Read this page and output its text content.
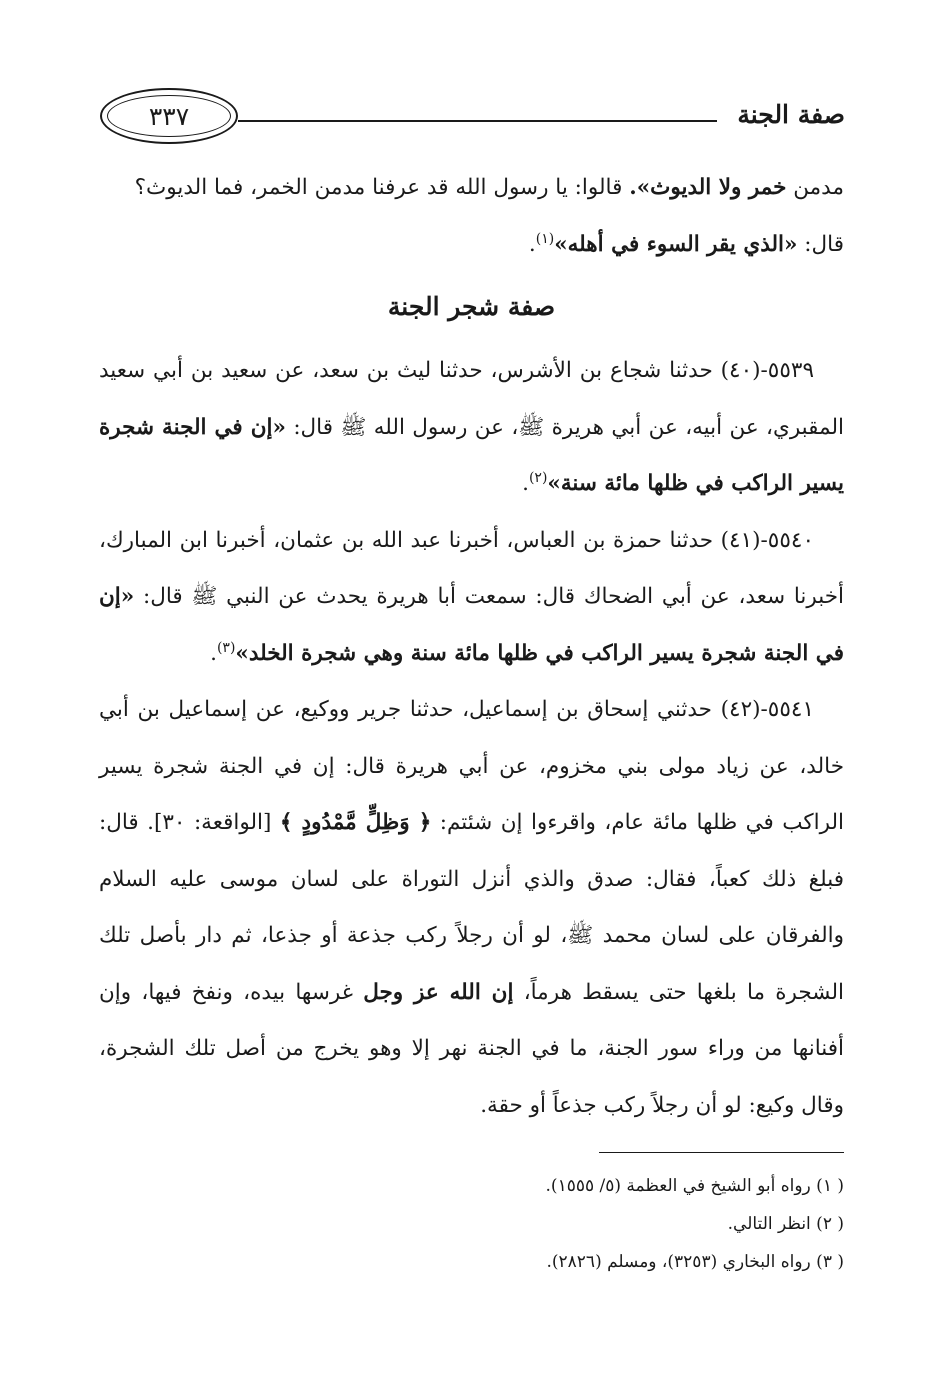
صفة الجنة
٣٣٧

مدمن خمر ولا الديوث». قالوا: يا رسول الله قد عرفنا مدمن الخمر، فما الديوث؟
قال: «الذي يقر السوء في أهله»$^{(١)}$.

صفة شجر الجنة

٥٥٣٩-(٤٠) حدثنا شجاع بن الأشرس، حدثنا ليث بن سعد، عن سعيد بن أبي سعيد المقبري، عن أبيه، عن أبي هريرة ﷺ، عن رسول الله ﷺ قال: «إن في الجنة شجرة يسير الراكب في ظلها مائة سنة»$^{(٢)}$.

٥٥٤٠-(٤١) حدثنا حمزة بن العباس، أخبرنا عبد الله بن عثمان، أخبرنا ابن المبارك، أخبرنا سعد، عن أبي الضحاك قال: سمعت أبا هريرة يحدث عن النبي ﷺ قال: «إن في الجنة شجرة يسير الراكب في ظلها مائة سنة وهي شجرة الخلد»$^{(٣)}$.

٥٥٤١-(٤٢) حدثني إسحاق بن إسماعيل، حدثنا جرير ووكيع، عن إسماعيل بن أبي خالد، عن زياد مولى بني مخزوم، عن أبي هريرة قال: إن في الجنة شجرة يسير الراكب في ظلها مائة عام، واقرءوا إن شئتم: ﴿ وَظِلٍّ مَّمْدُودٍ ﴾ [الواقعة: ٣٠]. قال: فبلغ ذلك كعباً، فقال: صدق والذي أنزل التوراة على لسان موسى عليه السلام والفرقان على لسان محمد ﷺ، لو أن رجلاً ركب جذعة أو جذعا، ثم دار بأصل تلك الشجرة ما بلغها حتى يسقط هرماً، إن الله عز وجل غرسها بيده، ونفخ فيها، وإن أفنانها من وراء سور الجنة، ما في الجنة نهر إلا وهو يخرج من أصل تلك الشجرة، وقال وكيع: لو أن رجلاً ركب جذعاً أو حقة.

( ١) رواه أبو الشيخ في العظمة (٥/ ١٥٥٥).

( ٢) انظر التالي.

( ٣) رواه البخاري (٣٢٥٣)، ومسلم (٢٨٢٦).
